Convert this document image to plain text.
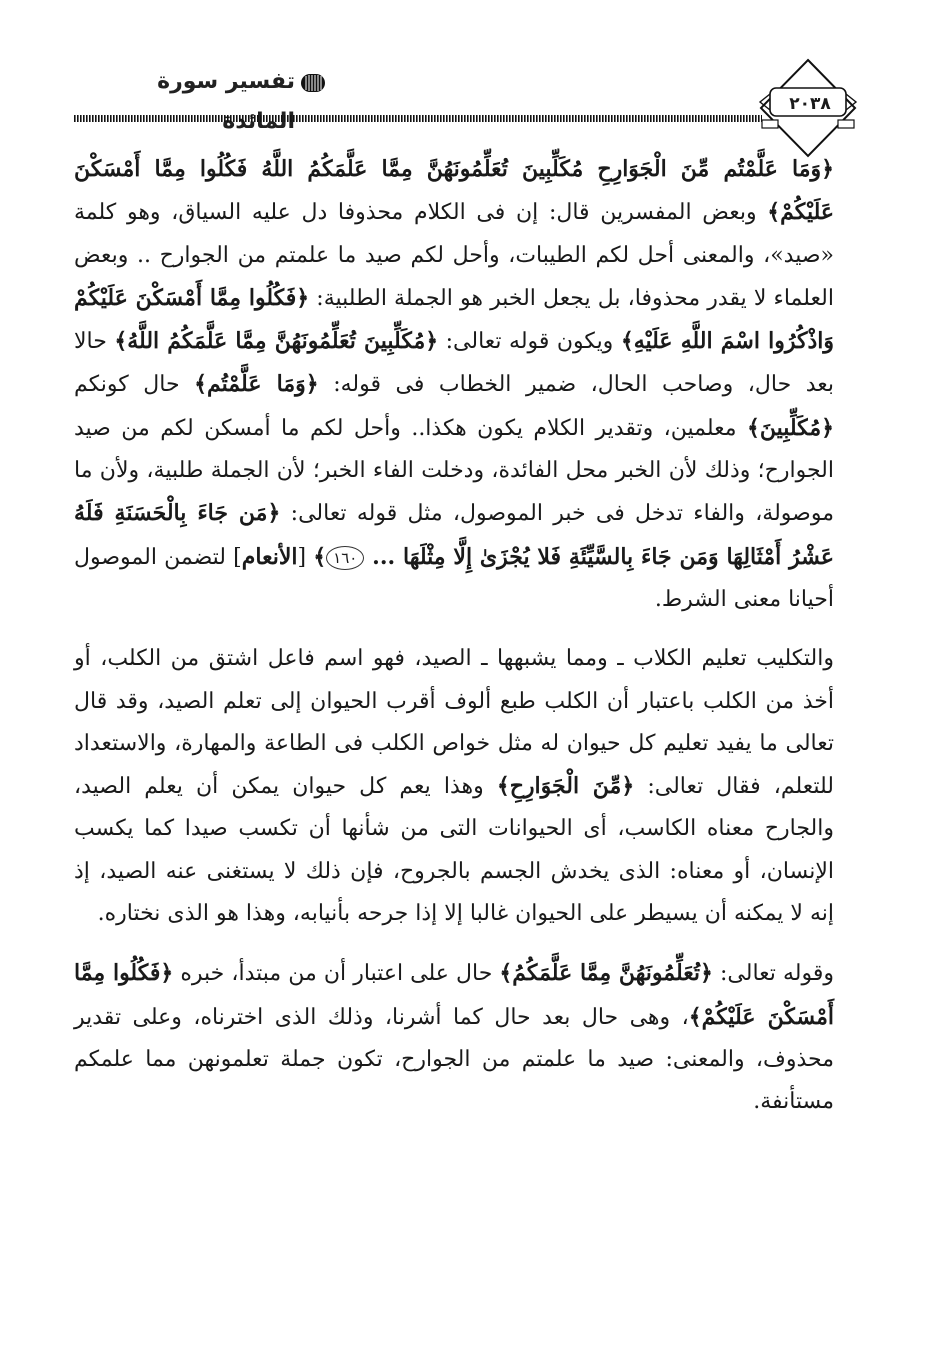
تفسير سورة
٢٠٣٨

﴿وَمَا عَلَّمْتُم مِّنَ الْجَوَارِحِ مُكَلِّبِينَ تُعَلِّمُونَهُنَّ مِمَّا عَلَّمَكُمُ اللَّهُ فَكُلُوا مِمَّا أَمْسَكْنَ عَلَيْكُمْ﴾ وبعض المفسرين قال: إن فى الكلام محذوفا دل عليه السياق، وهو كلمة «صيد»، والمعنى أحل لكم الطيبات، وأحل لكم صيد ما علمتم من الجوارح .. وبعض العلماء لا يقدر محذوفا، بل يجعل الخبر هو الجملة الطلبية: ﴿فَكُلُوا مِمَّا أَمْسَكْنَ عَلَيْكُمْ وَاذْكُرُوا اسْمَ اللَّهِ عَلَيْهِ﴾ ويكون قوله تعالى: ﴿مُكَلِّبِينَ تُعَلِّمُونَهُنَّ مِمَّا عَلَّمَكُمُ اللَّهُ﴾ حالا بعد حال، وصاحب الحال، ضمير الخطاب فى قوله: ﴿وَمَا عَلَّمْتُم﴾ حال كونكم ﴿مُكَلِّبِينَ﴾ معلمين، وتقدير الكلام يكون هكذا.. وأحل لكم ما أمسكن لكم من صيد الجوارح؛ وذلك لأن الخبر محل الفائدة، ودخلت الفاء الخبر؛ لأن الجملة طلبية، ولأن ما موصولة، والفاء تدخل فى خبر الموصول، مثل قوله تعالى: ﴿مَن جَاءَ بِالْحَسَنَةِ فَلَهُ عَشْرُ أَمْثَالِهَا وَمَن جَاءَ بِالسَّيِّئَةِ فَلا يُجْزَىٰ إِلَّا مِثْلَهَا ... ١٦٠﴾ [الأنعام] لتضمن الموصول أحيانا معنى الشرط.

والتكليب تعليم الكلاب ـ ومما يشبهها ـ الصيد، فهو اسم فاعل اشتق من الكلب، أو أخذ من الكلب باعتبار أن الكلب طبع ألوف أقرب الحيوان إلى تعلم الصيد، وقد قال تعالى ما يفيد تعليم كل حيوان له مثل خواص الكلب فى الطاعة والمهارة، والاستعداد للتعلم، فقال تعالى: ﴿مِّنَ الْجَوَارِحِ﴾ وهذا يعم كل حيوان يمكن أن يعلم الصيد، والجارح معناه الكاسب، أى الحيوانات التى من شأنها أن تكسب صيدا كما يكسب الإنسان، أو معناه: الذى يخدش الجسم بالجروح، فإن ذلك لا يستغنى عنه الصيد، إذ إنه لا يمكنه أن يسيطر على الحيوان غالبا إلا إذا جرحه بأنيابه، وهذا هو الذى نختاره.

وقوله تعالى: ﴿تُعَلِّمُونَهُنَّ مِمَّا عَلَّمَكُمُ﴾ حال على اعتبار أن من مبتدأ، خبره ﴿فَكُلُوا مِمَّا أَمْسَكْنَ عَلَيْكُمْ﴾، وهى حال بعد حال كما أشرنا، وذلك الذى اخترناه، وعلى تقدير محذوف، والمعنى: صيد ما علمتم من الجوارح، تكون جملة تعلمونهن مما علمكم مستأنفة.
